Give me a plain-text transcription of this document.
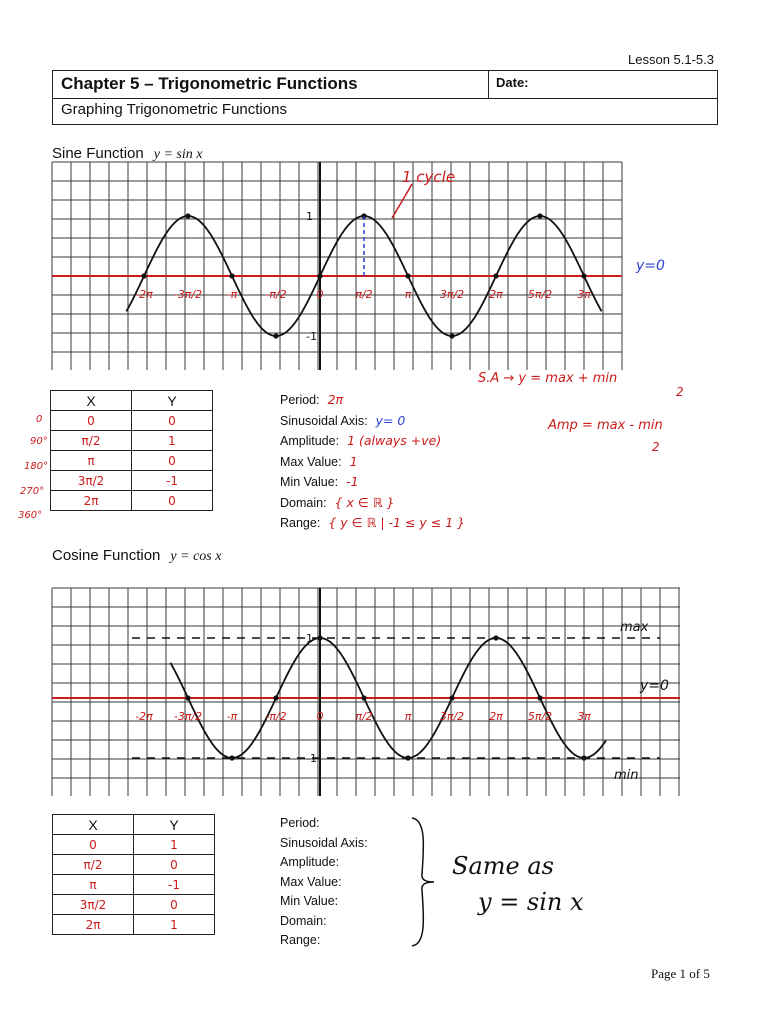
Lesson 5.1-5.3
Chapter 5 – Trigonometric Functions	Date:
Graphing Trigonometric Functions
Sine Function y = sin x
-2π -3π/2 -π	-π/2	0	π/2	π	3π/2 2π 5π/2 3π
1
-1
1 cycle
y=0
X	Y
0	0
π/2	1
π	0
3π/2	-1
2π	0
0
90°
180°
270°
360°
Period: 2π
Sinusoidal Axis: y= 0
Amplitude: 1 (always +ve)
Max Value: 1
Min Value: -1
Domain: { x ∈ ℝ }
Range: { y ∈ ℝ | -1 ≤ y ≤ 1 }
S.A → y = max + min
2
Amp = max - min
2
Cosine Function y = cos x
-2π -3π/2 -π	-π/2	0	π/2	π	3π/2 2π 5π/2 3π
1
-1
max
min
y=0
X	Y
0	1
π/2	0
π	-1
3π/2	0
2π	1
Period:
Sinusoidal Axis:
Amplitude:
Max Value:
Min Value:
Domain:
Range:
Same as
y = sin x
Page 1 of 5
